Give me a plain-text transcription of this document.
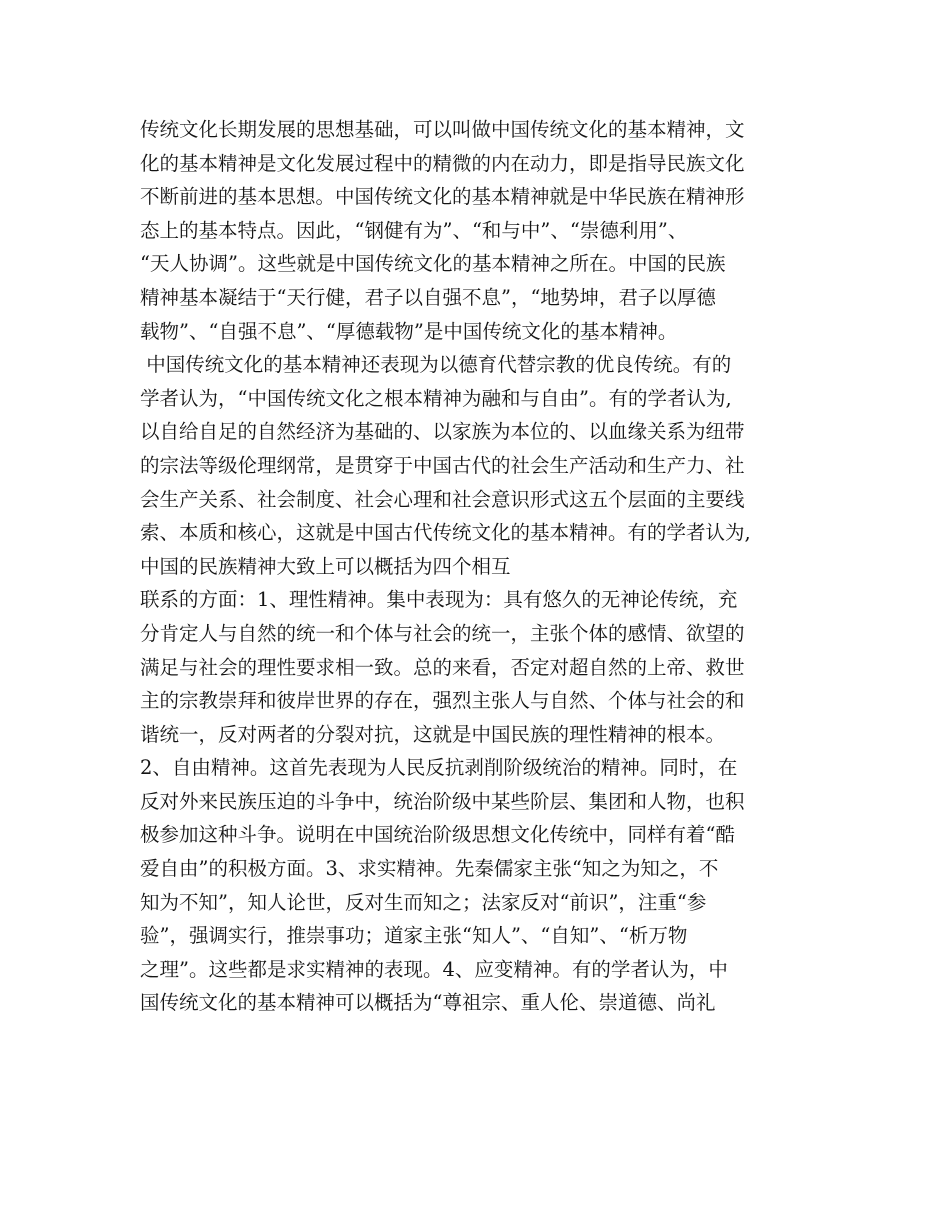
传统文化长期发展的思想基础，可以叫做中国传统文化的基本精神，文
化的基本精神是文化发展过程中的精微的内在动力，即是指导民族文化
不断前进的基本思想。中国传统文化的基本精神就是中华民族在精神形
态上的基本特点。因此，“钢健有为”、“和与中”、“崇德利用”、
“天人协调”。这些就是中国传统文化的基本精神之所在。中国的民族
精神基本凝结于“天行健，君子以自强不息”，“地势坤，君子以厚德
载物”、“自强不息”、“厚德载物”是中国传统文化的基本精神。
中国传统文化的基本精神还表现为以德育代替宗教的优良传统。有的
学者认为，“中国传统文化之根本精神为融和与自由”。有的学者认为,
以自给自足的自然经济为基础的、以家族为本位的、以血缘关系为纽带
的宗法等级伦理纲常，是贯穿于中国古代的社会生产活动和生产力、社
会生产关系、社会制度、社会心理和社会意识形式这五个层面的主要线
索、本质和核心，这就是中国古代传统文化的基本精神。有的学者认为,
中国的民族精神大致上可以概括为四个相互
联系的方面：1、理性精神。集中表现为：具有悠久的无神论传统，充
分肯定人与自然的统一和个体与社会的统一，主张个体的感情、欲望的
满足与社会的理性要求相一致。总的来看，否定对超自然的上帝、救世
主的宗教崇拜和彼岸世界的存在，强烈主张人与自然、个体与社会的和
谐统一，反对两者的分裂对抗，这就是中国民族的理性精神的根本。
2、自由精神。这首先表现为人民反抗剥削阶级统治的精神。同时，在
反对外来民族压迫的斗争中，统治阶级中某些阶层、集团和人物，也积
极参加这种斗争。说明在中国统治阶级思想文化传统中，同样有着“酷
爱自由”的积极方面。3、求实精神。先秦儒家主张“知之为知之，不
知为不知”，知人论世，反对生而知之；法家反对“前识”，注重“参
验”，强调实行，推崇事功；道家主张“知人”、“自知”、“析万物
之理”。这些都是求实精神的表现。4、应变精神。有的学者认为，中
国传统文化的基本精神可以概括为“尊祖宗、重人伦、崇道德、尚礼
